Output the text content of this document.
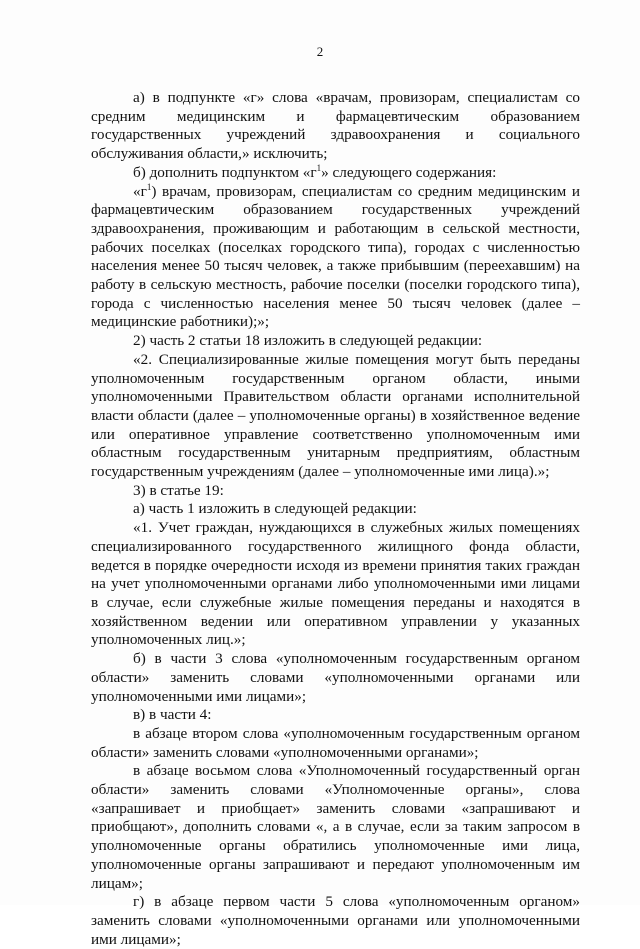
2

а) в подпункте «г» слова «врачам, провизорам, специалистам со средним медицинским и фармацевтическим образованием государственных учреждений здравоохранения и социального обслуживания области,» исключить;

б) дополнить подпунктом «$г^1$» следующего содержания:

«$г^1$) врачам, провизорам, специалистам со средним медицинским и фармацевтическим образованием государственных учреждений здравоохранения, проживающим и работающим в сельской местности, рабочих поселках (поселках городского типа), городах с численностью населения менее 50 тысяч человек, а также прибывшим (переехавшим) на работу в сельскую местность, рабочие поселки (поселки городского типа), города с численностью населения менее 50 тысяч человек (далее – медицинские работники);»;

2) часть 2 статьи 18 изложить в следующей редакции:

«2. Специализированные жилые помещения могут быть переданы уполномоченным государственным органом области, иными уполномоченными Правительством области органами исполнительной власти области (далее – уполномоченные органы) в хозяйственное ведение или оперативное управление соответственно уполномоченным ими областным государственным унитарным предприятиям, областным государственным учреждениям (далее – уполномоченные ими лица).»;

3) в статье 19:

а) часть 1 изложить в следующей редакции:

«1. Учет граждан, нуждающихся в служебных жилых помещениях специализированного государственного жилищного фонда области, ведется в порядке очередности исходя из времени принятия таких граждан на учет уполномоченными органами либо уполномоченными ими лицами в случае, если служебные жилые помещения переданы и находятся в хозяйственном ведении или оперативном управлении у указанных уполномоченных лиц.»;

б) в части 3 слова «уполномоченным государственным органом области» заменить словами «уполномоченными органами или уполномоченными ими лицами»;

в) в части 4:

в абзаце втором слова «уполномоченным государственным органом области» заменить словами «уполномоченными органами»;

в абзаце восьмом слова «Уполномоченный государственный орган области» заменить словами «Уполномоченные органы», слова «запрашивает и приобщает» заменить словами «запрашивают и приобщают», дополнить словами «, а в случае, если за таким запросом в уполномоченные органы обратились уполномоченные ими лица, уполномоченные органы запрашивают и передают уполномоченным им лицам»;

г) в абзаце первом части 5 слова «уполномоченным органом» заменить словами «уполномоченными органами или уполномоченными ими лицами»;
